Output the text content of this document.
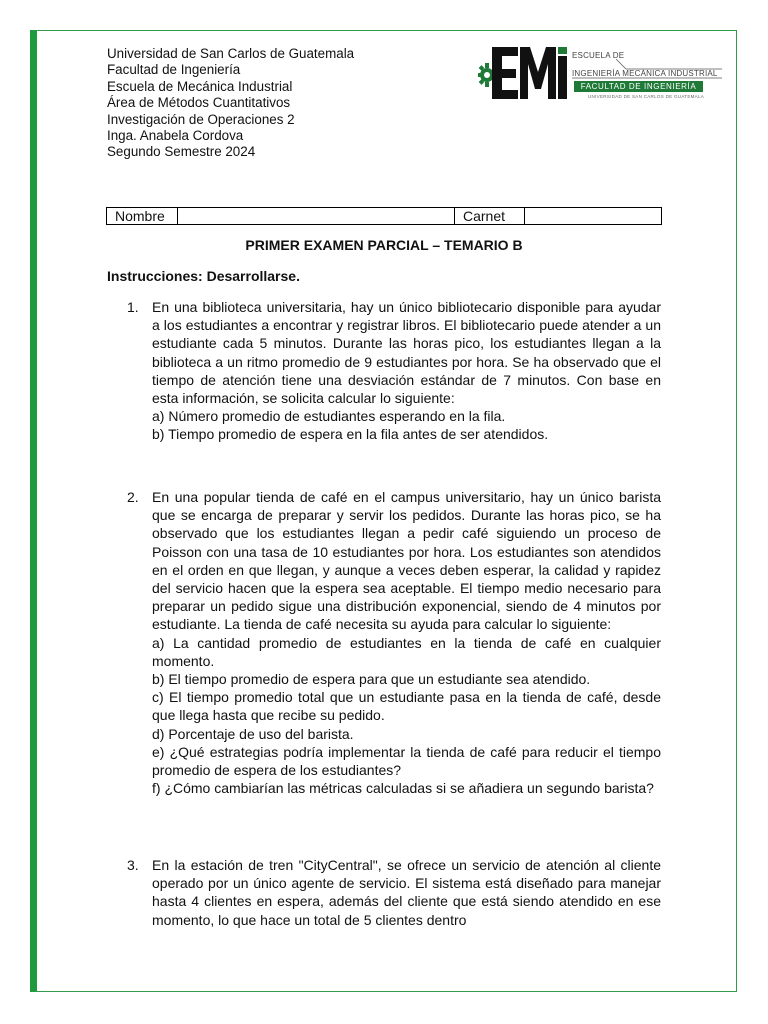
Universidad de San Carlos de Guatemala
Facultad de Ingeniería
Escuela de Mecánica Industrial
Área de Métodos Cuantitativos
Investigación de Operaciones 2
Inga. Anabela Cordova
Segundo Semestre 2024
ESCUELA DE
INGENIERÍA MECÁNICA INDUSTRIAL
FACULTAD DE INGENIERÍA
UNIVERSIDAD DE SAN CARLOS DE GUATEMALA
Nombre		Carnet	
PRIMER EXAMEN PARCIAL – TEMARIO B
Instrucciones: Desarrollarse.
1. En una biblioteca universitaria, hay un único bibliotecario disponible para ayudar a los estudiantes a encontrar y registrar libros. El bibliotecario puede atender a un estudiante cada 5 minutos. Durante las horas pico, los estudiantes llegan a la biblioteca a un ritmo promedio de 9 estudiantes por hora. Se ha observado que el tiempo de atención tiene una desviación estándar de 7 minutos. Con base en esta información, se solicita calcular lo siguiente:

a) Número promedio de estudiantes esperando en la fila.

b) Tiempo promedio de espera en la fila antes de ser atendidos.

2. En una popular tienda de café en el campus universitario, hay un único barista que se encarga de preparar y servir los pedidos. Durante las horas pico, se ha observado que los estudiantes llegan a pedir café siguiendo un proceso de Poisson con una tasa de 10 estudiantes por hora. Los estudiantes son atendidos en el orden en que llegan, y aunque a veces deben esperar, la calidad y rapidez del servicio hacen que la espera sea aceptable. El tiempo medio necesario para preparar un pedido sigue una distribución exponencial, siendo de 4 minutos por estudiante. La tienda de café necesita su ayuda para calcular lo siguiente:

a) La cantidad promedio de estudiantes en la tienda de café en cualquier momento.

b) El tiempo promedio de espera para que un estudiante sea atendido.

c) El tiempo promedio total que un estudiante pasa en la tienda de café, desde que llega hasta que recibe su pedido.

d) Porcentaje de uso del barista.

e) ¿Qué estrategias podría implementar la tienda de café para reducir el tiempo promedio de espera de los estudiantes?

f) ¿Cómo cambiarían las métricas calculadas si se añadiera un segundo barista?

3. En la estación de tren "CityCentral", se ofrece un servicio de atención al cliente operado por un único agente de servicio. El sistema está diseñado para manejar hasta 4 clientes en espera, además del cliente que está siendo atendido en ese momento, lo que hace un total de 5 clientes dentro
